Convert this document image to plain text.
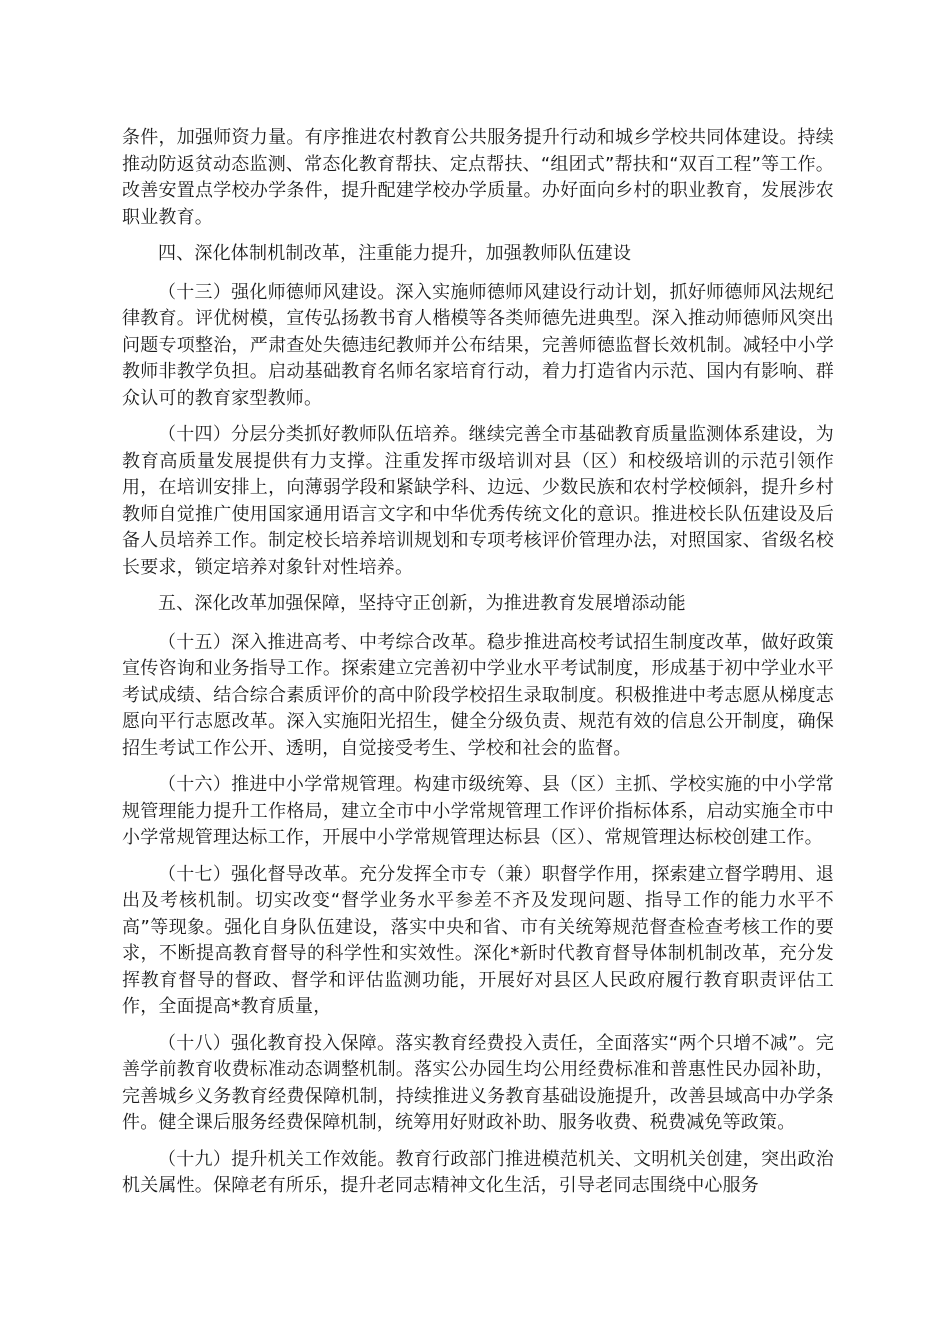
条件，加强师资力量。有序推进农村教育公共服务提升行动和城乡学校共同体建设。持续推动防返贫动态监测、常态化教育帮扶、定点帮扶、“组团式”帮扶和“双百工程”等工作。改善安置点学校办学条件，提升配建学校办学质量。办好面向乡村的职业教育，发展涉农职业教育。

四、深化体制机制改革，注重能力提升，加强教师队伍建设

（十三）强化师德师风建设。深入实施师德师风建设行动计划，抓好师德师风法规纪律教育。评优树模，宣传弘扬教书育人楷模等各类师德先进典型。深入推动师德师风突出问题专项整治，严肃查处失德违纪教师并公布结果，完善师德监督长效机制。减轻中小学教师非教学负担。启动基础教育名师名家培育行动，着力打造省内示范、国内有影响、群众认可的教育家型教师。

（十四）分层分类抓好教师队伍培养。继续完善全市基础教育质量监测体系建设，为教育高质量发展提供有力支撑。注重发挥市级培训对县（区）和校级培训的示范引领作用，在培训安排上，向薄弱学段和紧缺学科、边远、少数民族和农村学校倾斜，提升乡村教师自觉推广使用国家通用语言文字和中华优秀传统文化的意识。推进校长队伍建设及后备人员培养工作。制定校长培养培训规划和专项考核评价管理办法，对照国家、省级名校长要求，锁定培养对象针对性培养。

五、深化改革加强保障，坚持守正创新，为推进教育发展增添动能

（十五）深入推进高考、中考综合改革。稳步推进高校考试招生制度改革，做好政策宣传咨询和业务指导工作。探索建立完善初中学业水平考试制度，形成基于初中学业水平考试成绩、结合综合素质评价的高中阶段学校招生录取制度。积极推进中考志愿从梯度志愿向平行志愿改革。深入实施阳光招生，健全分级负责、规范有效的信息公开制度，确保招生考试工作公开、透明，自觉接受考生、学校和社会的监督。

（十六）推进中小学常规管理。构建市级统筹、县（区）主抓、学校实施的中小学常规管理能力提升工作格局，建立全市中小学常规管理工作评价指标体系，启动实施全市中小学常规管理达标工作，开展中小学常规管理达标县（区）、常规管理达标校创建工作。

（十七）强化督导改革。充分发挥全市专（兼）职督学作用，探索建立督学聘用、退出及考核机制。切实改变“督学业务水平参差不齐及发现问题、指导工作的能力水平不高”等现象。强化自身队伍建设，落实中央和省、市有关统筹规范督查检查考核工作的要求，不断提高教育督导的科学性和实效性。深化*新时代教育督导体制机制改革，充分发挥教育督导的督政、督学和评估监测功能，开展好对县区人民政府履行教育职责评估工作，全面提高*教育质量，

（十八）强化教育投入保障。落实教育经费投入责任，全面落实“两个只增不减”。完善学前教育收费标准动态调整机制。落实公办园生均公用经费标准和普惠性民办园补助，完善城乡义务教育经费保障机制，持续推进义务教育基础设施提升，改善县域高中办学条件。健全课后服务经费保障机制，统筹用好财政补助、服务收费、税费减免等政策。

（十九）提升机关工作效能。教育行政部门推进模范机关、文明机关创建，突出政治机关属性。保障老有所乐，提升老同志精神文化生活，引导老同志围绕中心服务
